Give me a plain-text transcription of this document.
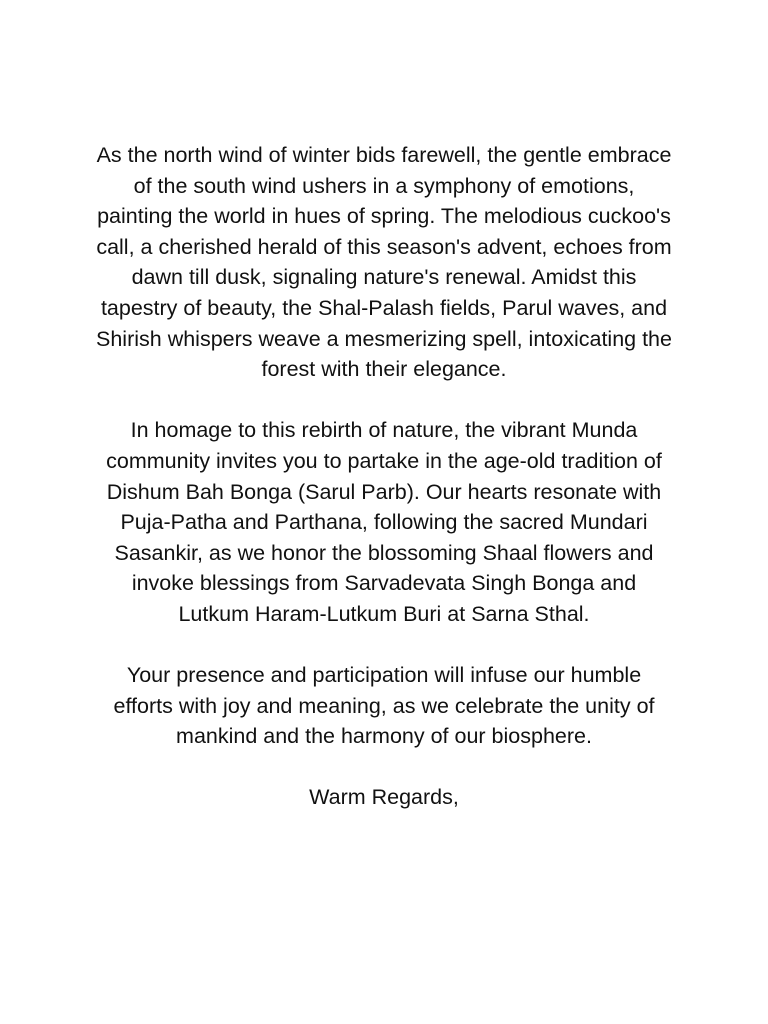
As the north wind of winter bids farewell, the gentle embrace
of the south wind ushers in a symphony of emotions,
painting the world in hues of spring. The melodious cuckoo's
call, a cherished herald of this season's advent, echoes from
dawn till dusk, signaling nature's renewal. Amidst this
tapestry of beauty, the Shal-Palash fields, Parul waves, and
Shirish whispers weave a mesmerizing spell, intoxicating the
forest with their elegance.

In homage to this rebirth of nature, the vibrant Munda
community invites you to partake in the age-old tradition of
Dishum Bah Bonga (Sarul Parb). Our hearts resonate with
Puja-Patha and Parthana, following the sacred Mundari
Sasankir, as we honor the blossoming Shaal flowers and
invoke blessings from Sarvadevata Singh Bonga and
Lutkum Haram-Lutkum Buri at Sarna Sthal.

Your presence and participation will infuse our humble
efforts with joy and meaning, as we celebrate the unity of
mankind and the harmony of our biosphere.

Warm Regards,
